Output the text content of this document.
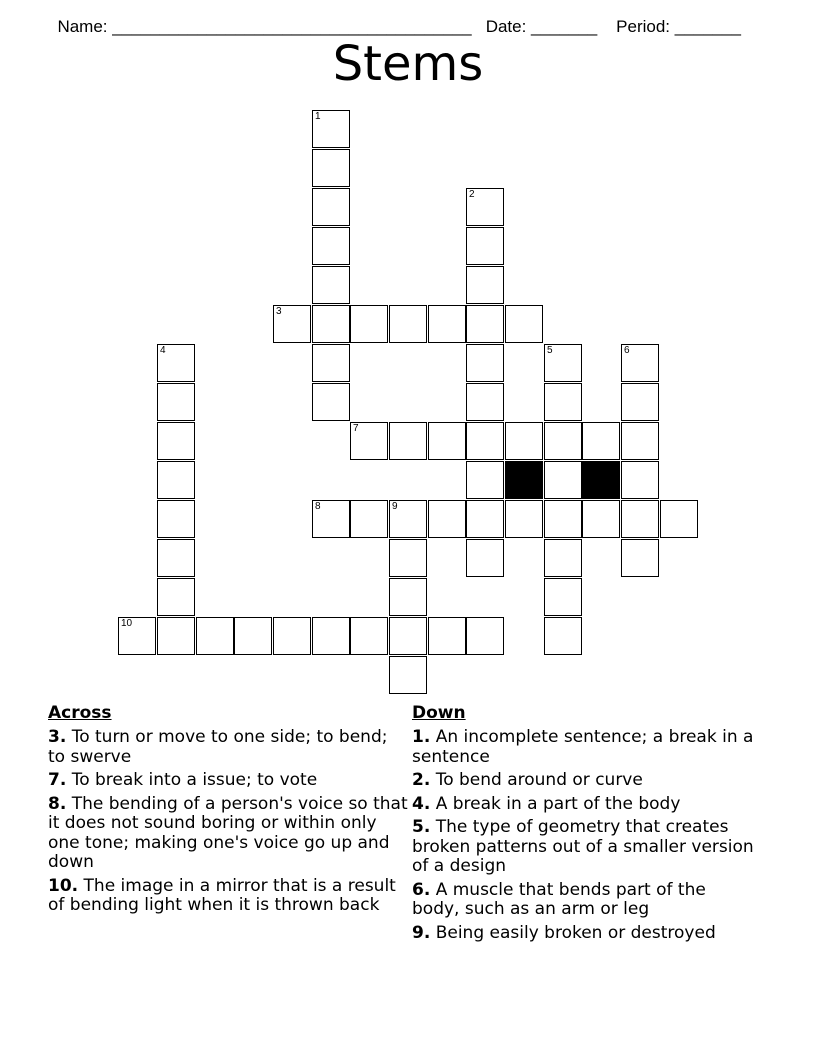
Name: ______________________________________ Date: _______ Period: _______

Stems
1
2
3
4	5	6
7
8	9
10
Across
3. To turn or move to one side; to bend; to swerve
7. To break into a issue; to vote
8. The bending of a person's voice so that it does not sound boring or within only one tone; making one's voice go up and down
10. The image in a mirror that is a result of bending light when it is thrown back
Down
1. An incomplete sentence; a break in a sentence
2. To bend around or curve
4. A break in a part of the body
5. The type of geometry that creates broken patterns out of a smaller version of a design
6. A muscle that bends part of the body, such as an arm or leg
9. Being easily broken or destroyed
